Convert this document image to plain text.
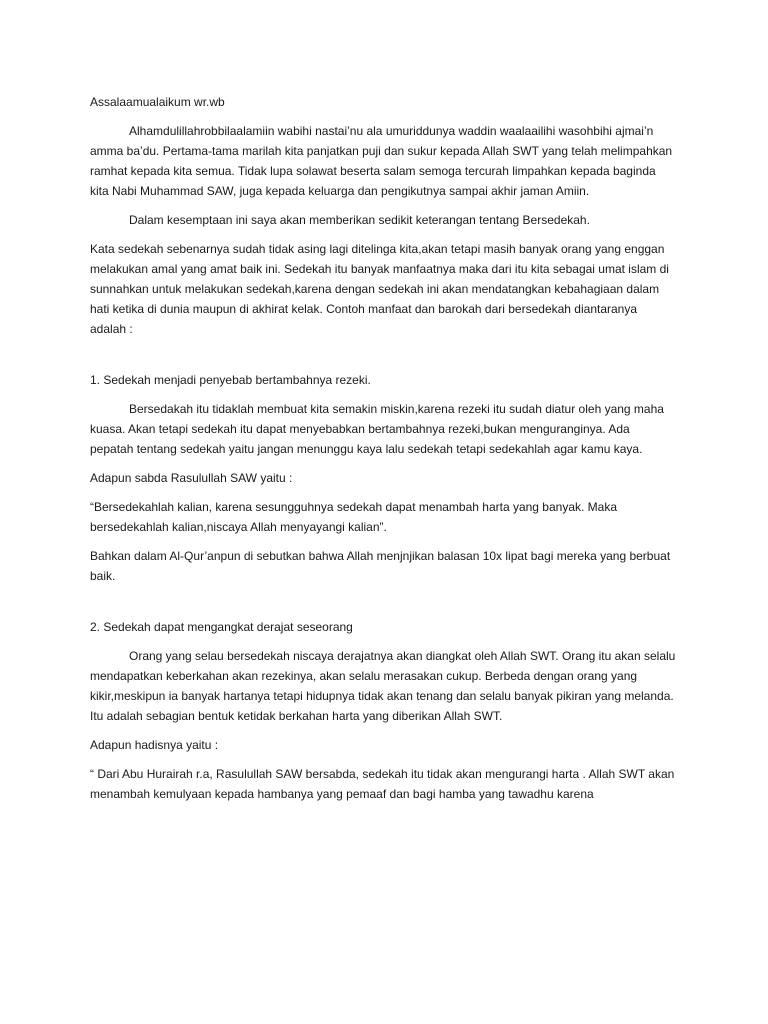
Assalaamualaikum wr.wb

Alhamdulillahrobbilaalamiin wabihi nastai’nu ala umuriddunya waddin waalaailihi wasohbihi ajmai’n amma ba’du. Pertama-tama marilah kita panjatkan puji dan sukur kepada Allah SWT yang telah melimpahkan ramhat kepada kita semua. Tidak lupa solawat beserta salam semoga tercurah limpahkan kepada baginda kita Nabi Muhammad SAW, juga kepada keluarga dan pengikutnya sampai akhir jaman Amiin.

Dalam kesemptaan ini saya akan memberikan sedikit keterangan tentang Bersedekah.

Kata sedekah sebenarnya sudah tidak asing lagi ditelinga kita,akan tetapi masih banyak orang yang enggan melakukan amal yang amat baik ini. Sedekah itu banyak manfaatnya maka dari itu kita sebagai umat islam di sunnahkan untuk melakukan sedekah,karena dengan sedekah ini akan mendatangkan kebahagiaan dalam hati ketika di dunia maupun di akhirat kelak. Contoh manfaat dan barokah dari bersedekah diantaranya adalah :

1. Sedekah menjadi penyebab bertambahnya rezeki.

Bersedakah itu tidaklah membuat kita semakin miskin,karena rezeki itu sudah diatur oleh yang maha kuasa. Akan tetapi sedekah itu dapat menyebabkan bertambahnya rezeki,bukan menguranginya. Ada pepatah tentang sedekah yaitu jangan menunggu kaya lalu sedekah tetapi sedekahlah agar kamu kaya.

Adapun sabda Rasulullah SAW yaitu :

“Bersedekahlah kalian, karena sesungguhnya sedekah dapat menambah harta yang banyak. Maka bersedekahlah kalian,niscaya Allah menyayangi kalian”.

Bahkan dalam Al-Qur’anpun di sebutkan bahwa Allah menjnjikan balasan 10x lipat bagi mereka yang berbuat baik.

2. Sedekah dapat mengangkat derajat seseorang

Orang yang selau bersedekah niscaya derajatnya akan diangkat oleh Allah SWT. Orang itu akan selalu mendapatkan keberkahan akan rezekinya, akan selalu merasakan cukup. Berbeda dengan orang yang kikir,meskipun ia banyak hartanya tetapi hidupnya tidak akan tenang dan selalu banyak pikiran yang melanda. Itu adalah sebagian bentuk ketidak berkahan harta yang diberikan Allah SWT.

Adapun hadisnya yaitu :

“ Dari Abu Hurairah r.a, Rasulullah SAW bersabda, sedekah itu tidak akan mengurangi harta . Allah SWT akan menambah kemulyaan kepada hambanya yang pemaaf dan bagi hamba yang tawadhu karena
